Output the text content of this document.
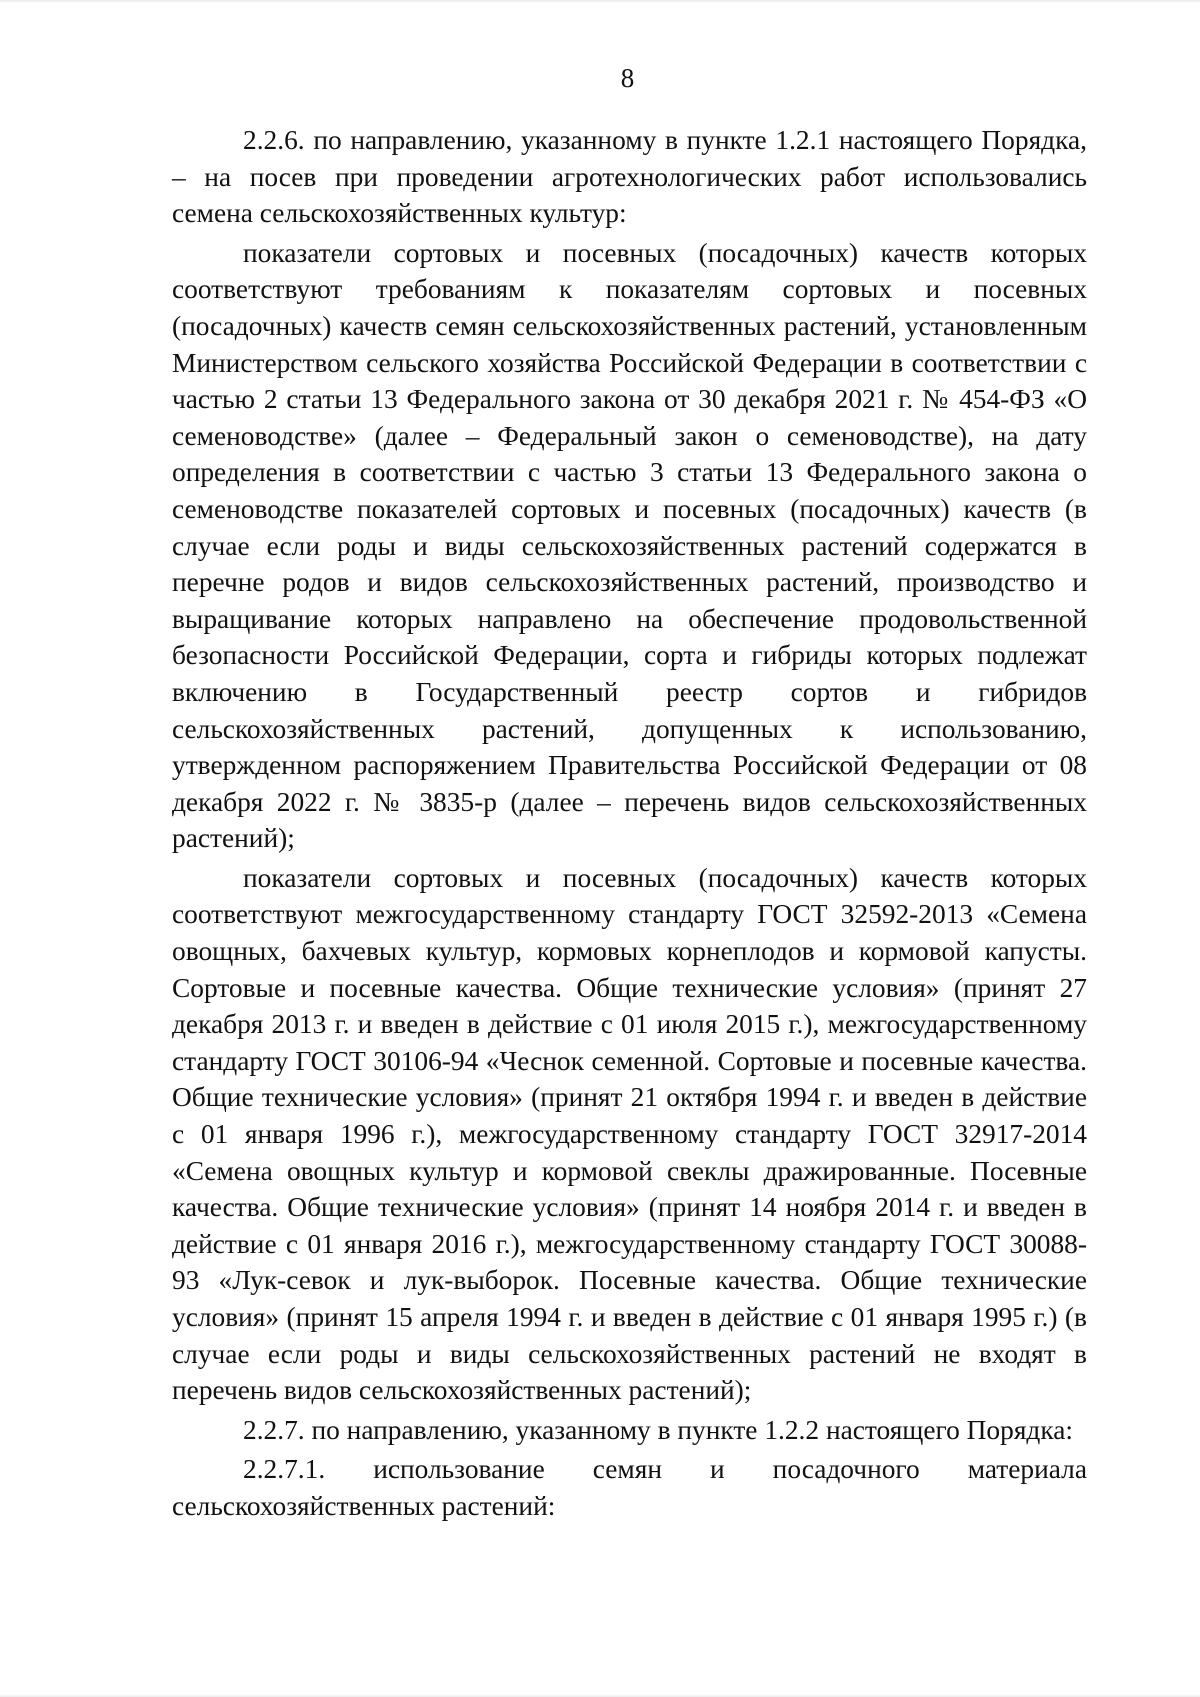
8

2.2.6. по направлению, указанному в пункте 1.2.1 настоящего Порядка, – на посев при проведении агротехнологических работ использовались семена сельскохозяйственных культур:

показатели сортовых и посевных (посадочных) качеств которых соответствуют требованиям к показателям сортовых и посевных (посадочных) качеств семян сельскохозяйственных растений, установленным Министерством сельского хозяйства Российской Федерации в соответствии с частью 2 статьи 13 Федерального закона от 30 декабря 2021 г. № 454-ФЗ «О семеноводстве» (далее – Федеральный закон о семеноводстве), на дату определения в соответствии с частью 3 статьи 13 Федерального закона о семеноводстве показателей сортовых и посевных (посадочных) качеств (в случае если роды и виды сельскохозяйственных растений содержатся в перечне родов и видов сельскохозяйственных растений, производство и выращивание которых направлено на обеспечение продовольственной безопасности Российской Федерации, сорта и гибриды которых подлежат включению в Государственный реестр сортов и гибридов сельскохозяйственных растений, допущенных к использованию, утвержденном распоряжением Правительства Российской Федерации от 08 декабря 2022 г. № 3835-р (далее – перечень видов сельскохозяйственных растений);

показатели сортовых и посевных (посадочных) качеств которых соответствуют межгосударственному стандарту ГОСТ 32592-2013 «Семена овощных, бахчевых культур, кормовых корнеплодов и кормовой капусты. Сортовые и посевные качества. Общие технические условия» (принят 27 декабря 2013 г. и введен в действие с 01 июля 2015 г.), межгосударственному стандарту ГОСТ 30106-94 «Чеснок семенной. Сортовые и посевные качества. Общие технические условия» (принят 21 октября 1994 г. и введен в действие с 01 января 1996 г.), межгосударственному стандарту ГОСТ 32917-2014 «Семена овощных культур и кормовой свеклы дражированные. Посевные качества. Общие технические условия» (принят 14 ноября 2014 г. и введен в действие с 01 января 2016 г.), межгосударственному стандарту ГОСТ 30088-93 «Лук-севок и лук-выборок. Посевные качества. Общие технические условия» (принят 15 апреля 1994 г. и введен в действие с 01 января 1995 г.) (в случае если роды и виды сельскохозяйственных растений не входят в перечень видов сельскохозяйственных растений);

2.2.7. по направлению, указанному в пункте 1.2.2 настоящего Порядка:

2.2.7.1. использование семян и посадочного материала сельскохозяйственных растений:
